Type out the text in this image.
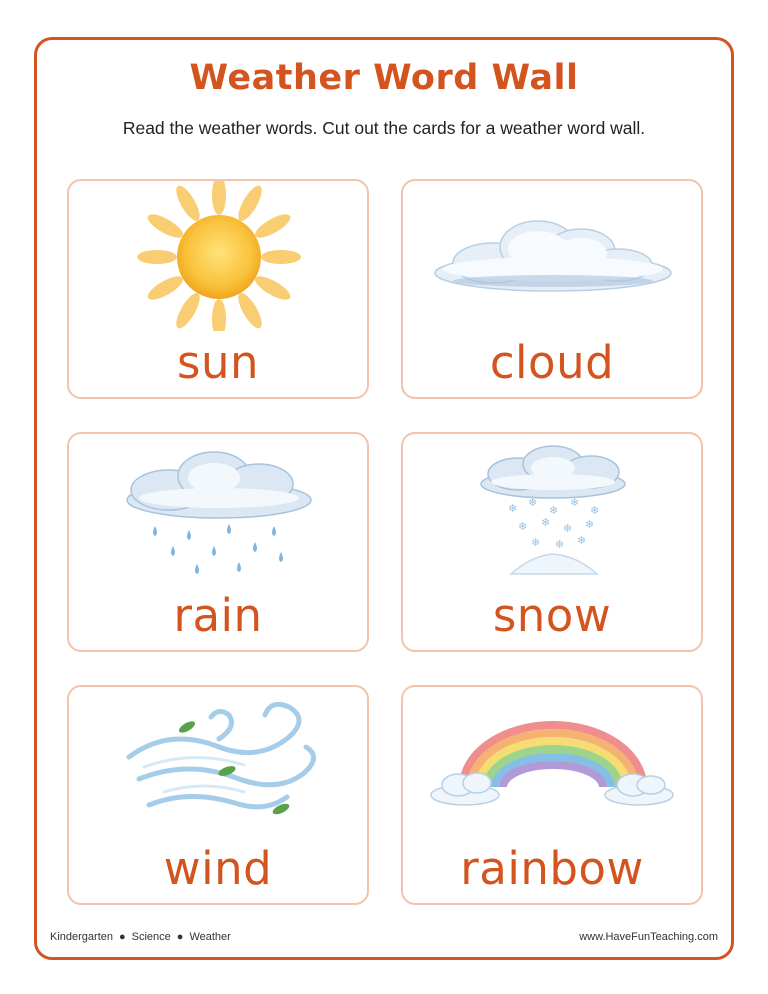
Weather Word Wall
Read the weather words. Cut out the cards for a weather word wall.
sun	cloud
rain
❄ ❄
❄
❄
❄
❄ ❄ ❄ ❄
❄ ❄ ❄
snow
wind	rainbow
Kindergarten ● Science ● Weather	www.HaveFunTeaching.com
